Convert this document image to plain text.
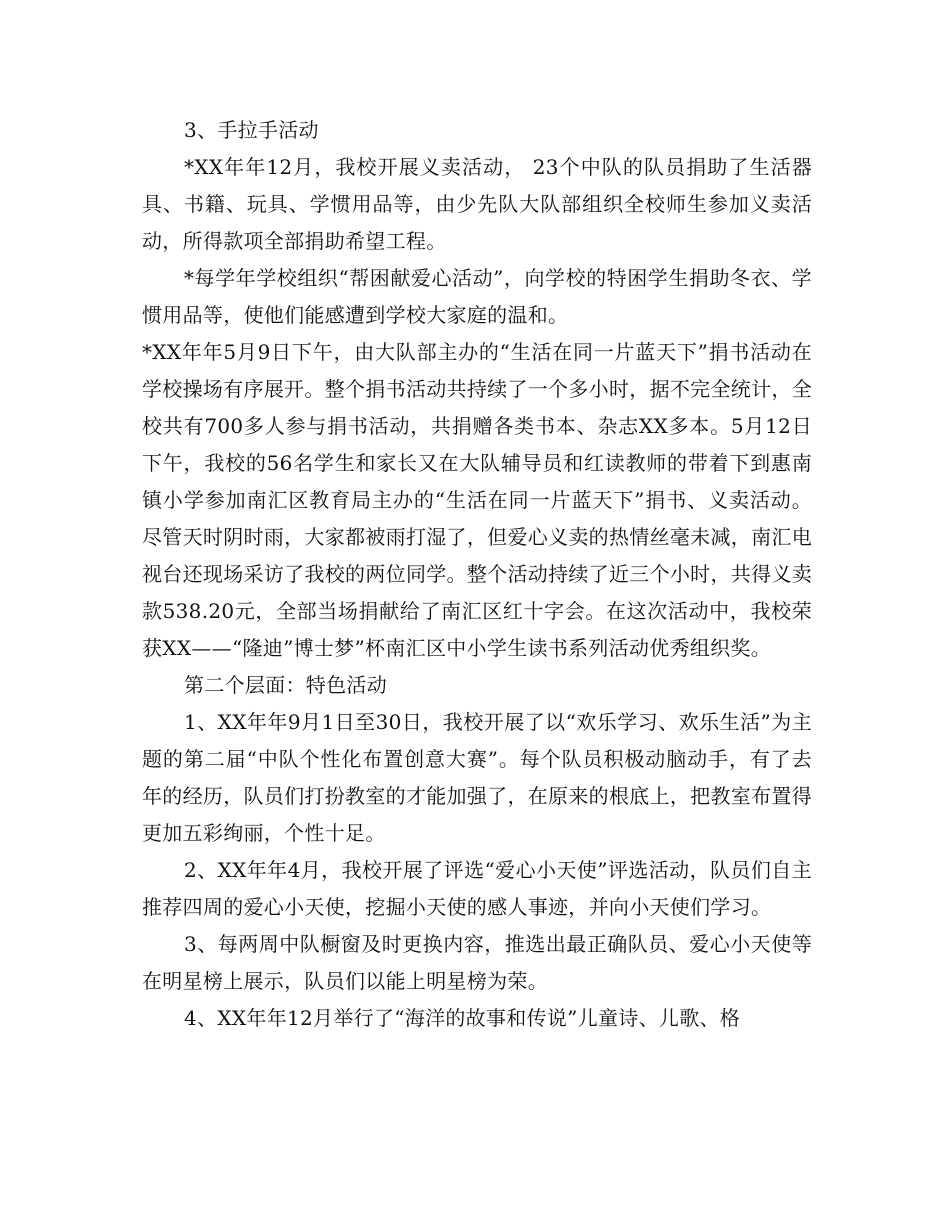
3、手拉手活动

*XX年年12月，我校开展义卖活动， 23个中队的队员捐助了生活器具、书籍、玩具、学惯用品等，由少先队大队部组织全校师生参加义卖活动，所得款项全部捐助希望工程。

*每学年学校组织“帮困献爱心活动”，向学校的特困学生捐助冬衣、学惯用品等，使他们能感遭到学校大家庭的温和。

*XX年年5月9日下午，由大队部主办的“生活在同一片蓝天下”捐书活动在学校操场有序展开。整个捐书活动共持续了一个多小时，据不完全统计，全校共有700多人参与捐书活动，共捐赠各类书本、杂志XX多本。5月12日下午，我校的56名学生和家长又在大队辅导员和红读教师的带着下到惠南镇小学参加南汇区教育局主办的“生活在同一片蓝天下”捐书、义卖活动。尽管天时阴时雨，大家都被雨打湿了，但爱心义卖的热情丝毫未减，南汇电视台还现场采访了我校的两位同学。整个活动持续了近三个小时，共得义卖款538.20元，全部当场捐献给了南汇区红十字会。在这次活动中，我校荣获XX——“隆迪”博士梦”杯南汇区中小学生读书系列活动优秀组织奖。

第二个层面：特色活动

1、XX年年9月1日至30日，我校开展了以“欢乐学习、欢乐生活”为主题的第二届“中队个性化布置创意大赛”。每个队员积极动脑动手，有了去年的经历，队员们打扮教室的才能加强了，在原来的根底上，把教室布置得更加五彩绚丽，个性十足。

2、XX年年4月，我校开展了评选“爱心小天使”评选活动，队员们自主推荐四周的爱心小天使，挖掘小天使的感人事迹，并向小天使们学习。

3、每两周中队橱窗及时更换内容，推选出最正确队员、爱心小天使等在明星榜上展示，队员们以能上明星榜为荣。

4、XX年年12月举行了“海洋的故事和传说”儿童诗、儿歌、格
